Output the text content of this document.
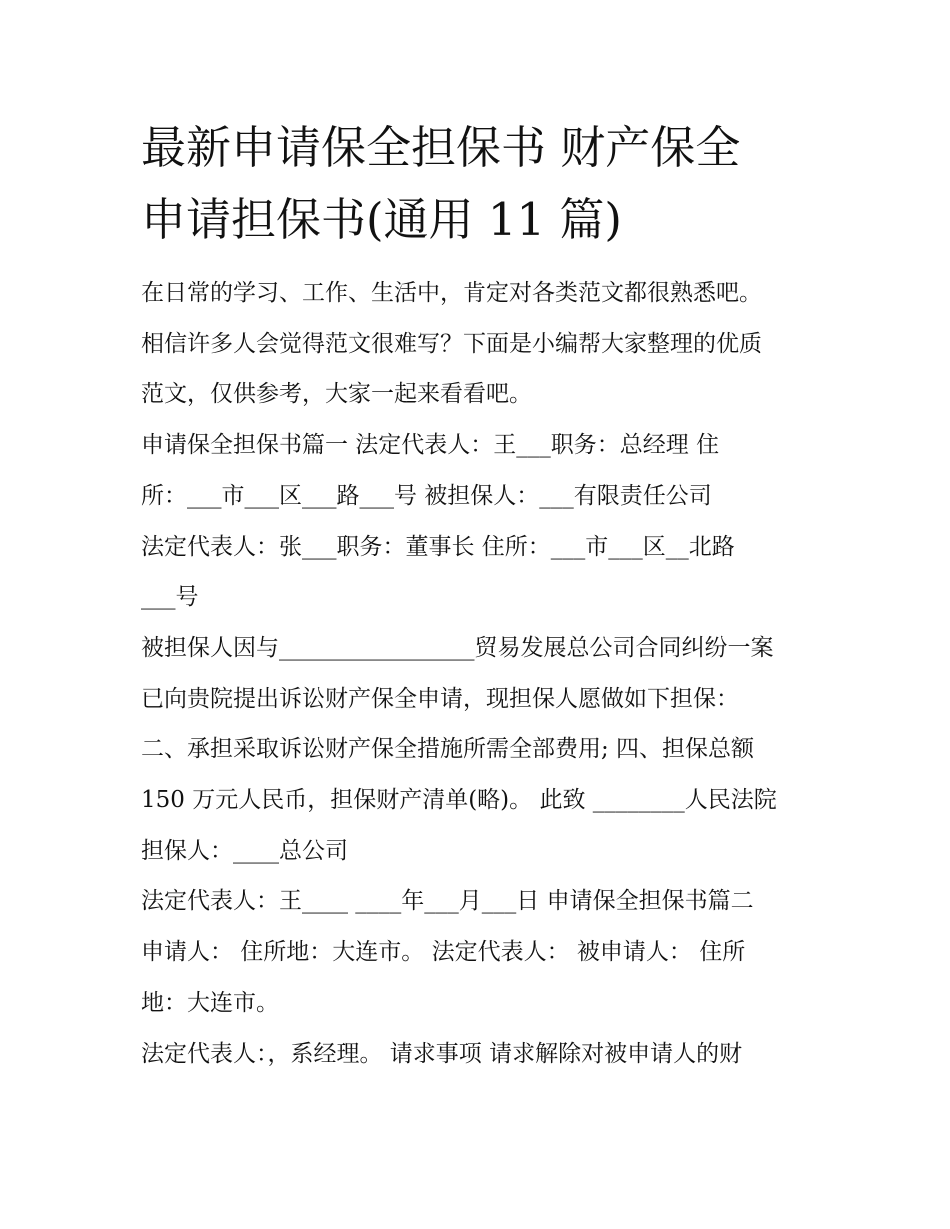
最新申请保全担保书 财产保全
申请担保书(通用 11 篇)

在日常的学习、工作、生活中，肯定对各类范文都很熟悉吧。
相信许多人会觉得范文很难写？下面是小编帮大家整理的优质
范文，仅供参考，大家一起来看看吧。

申请保全担保书篇一 法定代表人：王___职务：总经理 住
所：___市___区___路___号 被担保人：___有限责任公司
法定代表人：张___职务：董事长 住所：___市___区__北路
___号

被担保人因与_________________贸易发展总公司合同纠纷一案
已向贵院提出诉讼财产保全申请，现担保人愿做如下担保：
二、承担采取诉讼财产保全措施所需全部费用; 四、担保总额
150 万元人民币，担保财产清单(略)。 此致 ________人民法院
担保人：____总公司

法定代表人：王____ ____年___月___日 申请保全担保书篇二
申请人： 住所地：大连市。 法定代表人： 被申请人： 住所
地：大连市。

法定代表人：，系经理。 请求事项 请求解除对被申请人的财
